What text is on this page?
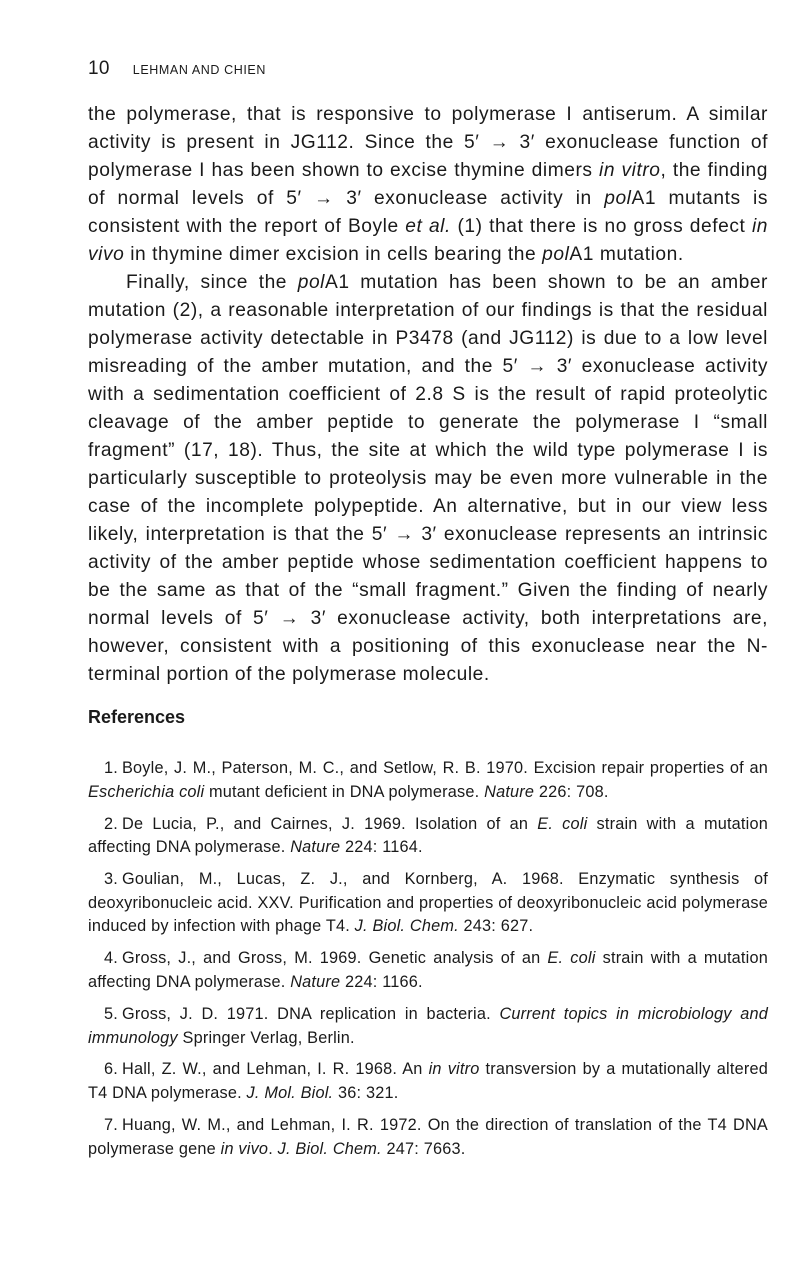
10 LEHMAN AND CHIEN

the polymerase, that is responsive to polymerase I antiserum. A similar activity is present in JG112. Since the 5′ → 3′ exonuclease function of polymerase I has been shown to excise thymine dimers in vitro, the finding of normal levels of 5′ → 3′ exonuclease activity in polA1 mutants is consistent with the report of Boyle et al. (1) that there is no gross defect in vivo in thymine dimer excision in cells bearing the polA1 mutation.

Finally, since the polA1 mutation has been shown to be an amber mutation (2), a reasonable interpretation of our findings is that the residual polymerase activity detectable in P3478 (and JG112) is due to a low level misreading of the amber mutation, and the 5′ → 3′ exonuclease activity with a sedimentation coefficient of 2.8 S is the result of rapid proteolytic cleavage of the amber peptide to generate the polymerase I “small fragment” (17, 18). Thus, the site at which the wild type polymerase I is particularly susceptible to proteolysis may be even more vulnerable in the case of the incomplete polypeptide. An alternative, but in our view less likely, interpretation is that the 5′ → 3′ exonuclease represents an intrinsic activity of the amber peptide whose sedimentation coefficient happens to be the same as that of the “small fragment.” Given the finding of nearly normal levels of 5′ → 3′ exonuclease activity, both interpretations are, however, consistent with a positioning of this exonuclease near the N-terminal portion of the polymerase molecule.

References
1. Boyle, J. M., Paterson, M. C., and Setlow, R. B. 1970. Excision repair properties of an Escherichia coli mutant deficient in DNA polymerase. Nature 226: 708.
2. De Lucia, P., and Cairnes, J. 1969. Isolation of an E. coli strain with a mutation affecting DNA polymerase. Nature 224: 1164.
3. Goulian, M., Lucas, Z. J., and Kornberg, A. 1968. Enzymatic synthesis of deoxyribonucleic acid. XXV. Purification and properties of deoxyribonucleic acid polymerase induced by infection with phage T4. J. Biol. Chem. 243: 627.
4. Gross, J., and Gross, M. 1969. Genetic analysis of an E. coli strain with a mutation affecting DNA polymerase. Nature 224: 1166.
5. Gross, J. D. 1971. DNA replication in bacteria. Current topics in microbiology and immunology Springer Verlag, Berlin.
6. Hall, Z. W., and Lehman, I. R. 1968. An in vitro transversion by a mutationally altered T4 DNA polymerase. J. Mol. Biol. 36: 321.
7. Huang, W. M., and Lehman, I. R. 1972. On the direction of translation of the T4 DNA polymerase gene in vivo. J. Biol. Chem. 247: 7663.
